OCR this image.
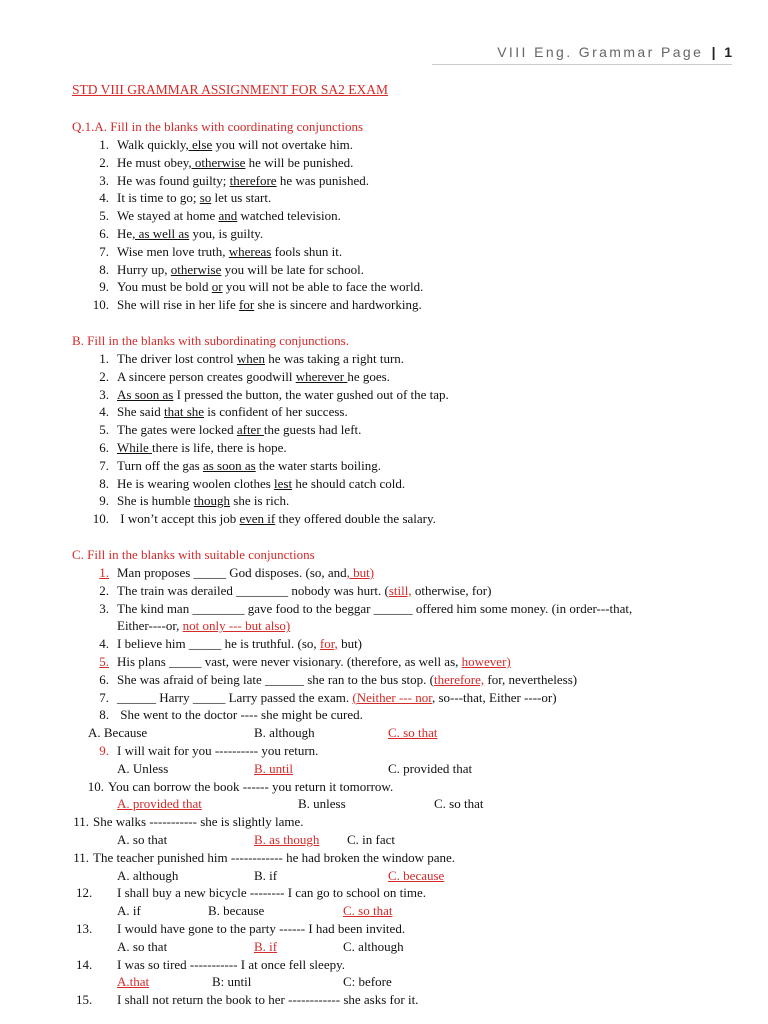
VIII Eng. Grammar Page | 1
STD VIII GRAMMAR ASSIGNMENT FOR SA2 EXAM
Q.1.A. Fill in the blanks with coordinating conjunctions
1. Walk quickly, else you will not overtake him.
2. He must obey, otherwise he will be punished.
3. He was found guilty; therefore he was punished.
4. It is time to go; so let us start.
5. We stayed at home and watched television.
6. He, as well as you, is guilty.
7. Wise men love truth, whereas fools shun it.
8. Hurry up, otherwise you will be late for school.
9. You must be bold or you will not be able to face the world.
10. She will rise in her life for she is sincere and hardworking.
B. Fill in the blanks with subordinating conjunctions.
1. The driver lost control when he was taking a right turn.
2. A sincere person creates goodwill wherever he goes.
3. As soon as I pressed the button, the water gushed out of the tap.
4. She said that she is confident of her success.
5. The gates were locked after the guests had left.
6. While there is life, there is hope.
7. Turn off the gas as soon as the water starts boiling.
8. He is wearing woolen clothes lest he should catch cold.
9. She is humble though she is rich.
10. I won’t accept this job even if they offered double the salary.
C. Fill in the blanks with suitable conjunctions
1.Man proposes _____ God disposes. (so, and, but)
2. The train was derailed ________ nobody was hurt. (still, otherwise, for)
3. The kind man ________ gave food to the beggar ______ offered him some money. (in order---that,
Either----or, not only --- but also)
4. I believe him _____ he is truthful. (so, for, but)
5.His plans _____ vast, were never visionary. (therefore, as well as, however)
6. She was afraid of being late ______ she ran to the bus stop. (therefore, for, nevertheless)
7. ______ Harry _____ Larry passed the exam. (Neither --- nor, so---that, Either ----or)
8. She went to the doctor ---- she might be cured.
A. Because	B. although	C. so that
9. I will wait for you ---------- you return.
A. Unless	B. until	C. provided that
10. You can borrow the book ------ you return it tomorrow.
A. provided that	B. unless	C. so that
11. She walks ----------- she is slightly lame.
A. so that	B. as though C. in fact
11. The teacher punished him ------------ he had broken the window pane.
A. although	B. if	C. because
12. I shall buy a new bicycle -------- I can go to school on time.
A. if	B. because	C. so that
13. I would have gone to the party ------ I had been invited.
A. so that	B. if	C. although
14. I was so tired ----------- I at once fell sleepy.
A.that	B: until	C: before
15. I shall not return the book to her ------------ she asks for it.
